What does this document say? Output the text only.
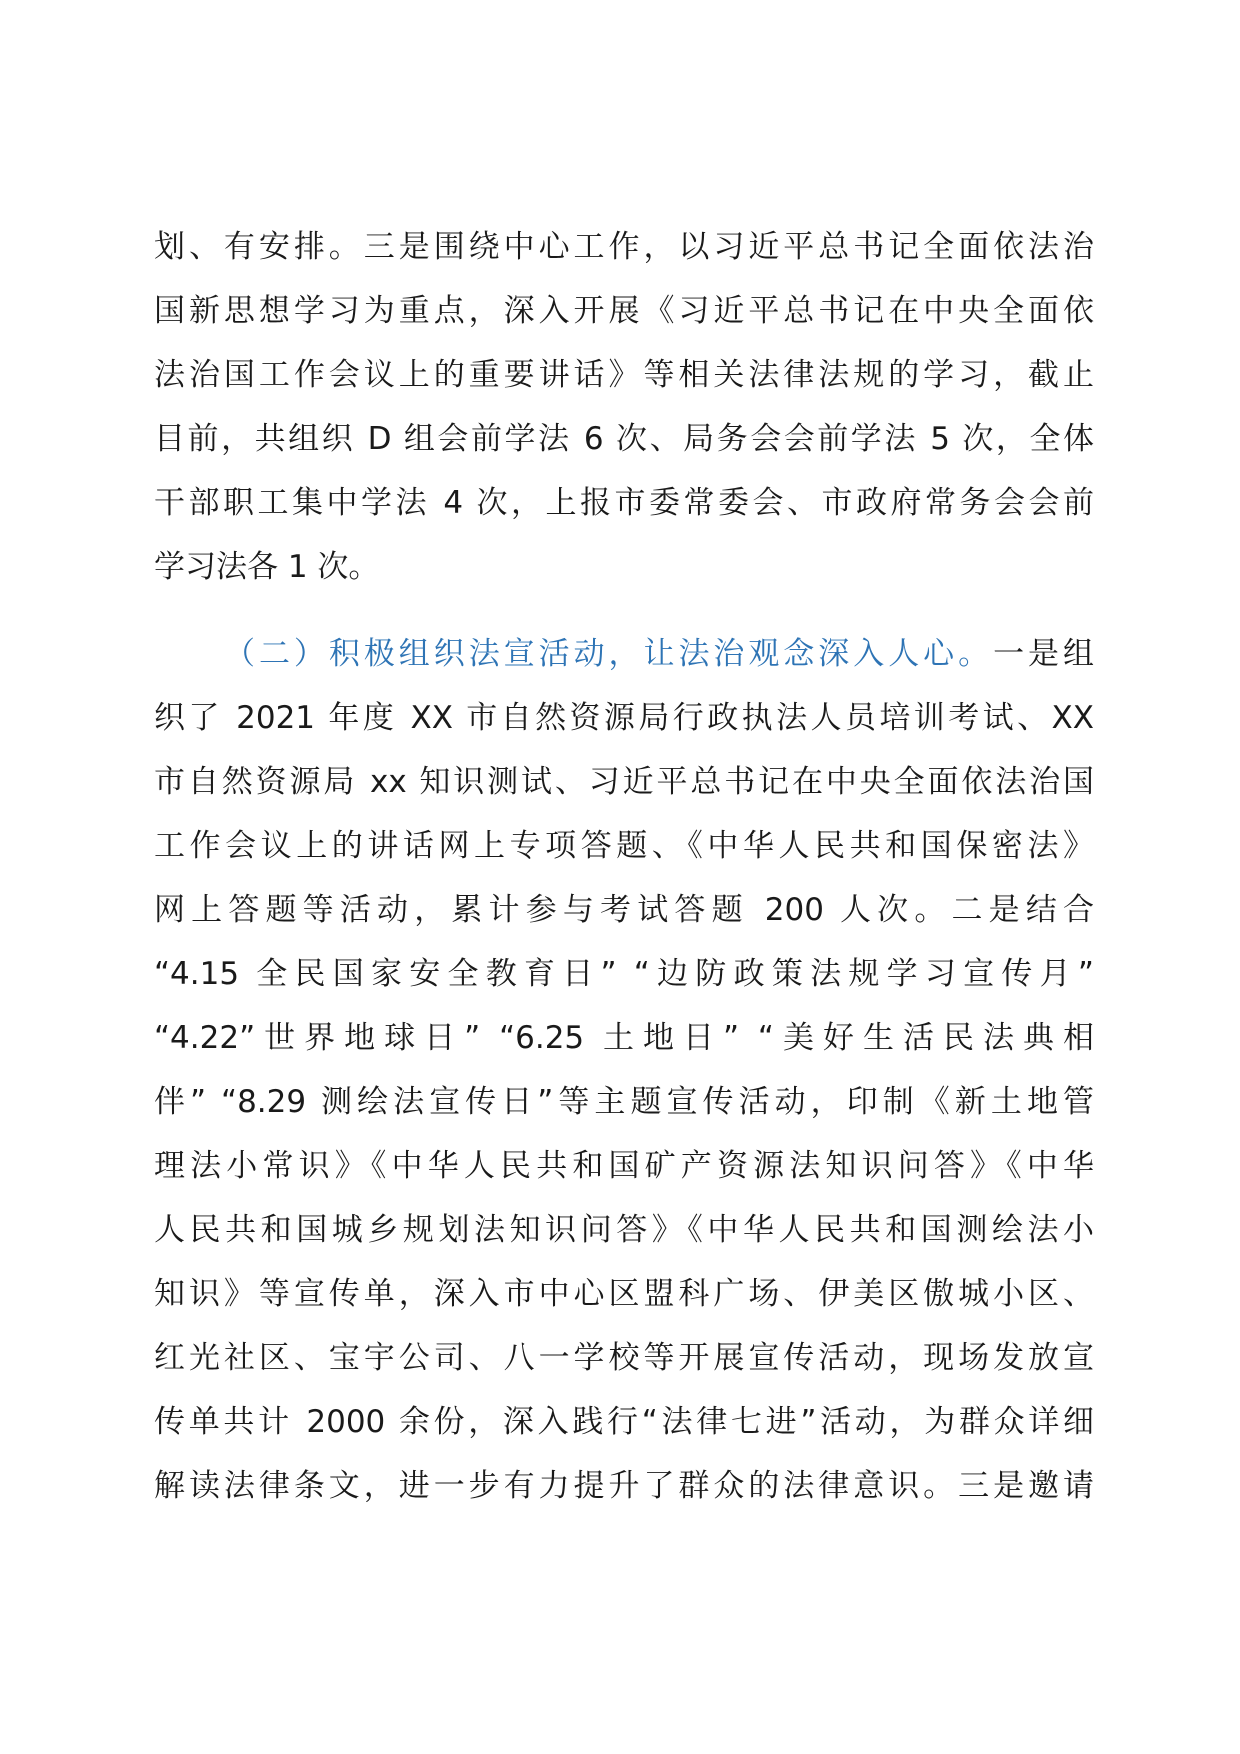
划、有安排。三是围绕中心工作，以习近平总书记全面依法治
国新思想学习为重点，深入开展《习近平总书记在中央全面依
法治国工作会议上的重要讲话》等相关法律法规的学习，截止
目前，共组织 D 组会前学法 6 次、局务会会前学法 5 次，全体
干部职工集中学法 4 次，上报市委常委会、市政府常务会会前
学习法各 1 次。
（二）积极组织法宣活动，让法治观念深入人心。一是组
织了 2021 年度 XX 市自然资源局行政执法人员培训考试、XX
市自然资源局 xx 知识测试、习近平总书记在中央全面依法治国
工作会议上的讲话网上专项答题、《中华人民共和国保密法》
网上答题等活动，累计参与考试答题 200 人次。二是结合
“4.15 全民国家安全教育日” “边防政策法规学习宣传月”
“4.22”世界地球日” “6.25 土地日” “美好生活民法典相
伴” “8.29 测绘法宣传日”等主题宣传活动，印制《新土地管
理法小常识》《中华人民共和国矿产资源法知识问答》《中华
人民共和国城乡规划法知识问答》《中华人民共和国测绘法小
知识》等宣传单，深入市中心区盟科广场、伊美区傲城小区、
红光社区、宝宇公司、八一学校等开展宣传活动，现场发放宣
传单共计 2000 余份，深入践行“法律七进”活动，为群众详细
解读法律条文，进一步有力提升了群众的法律意识。三是邀请
